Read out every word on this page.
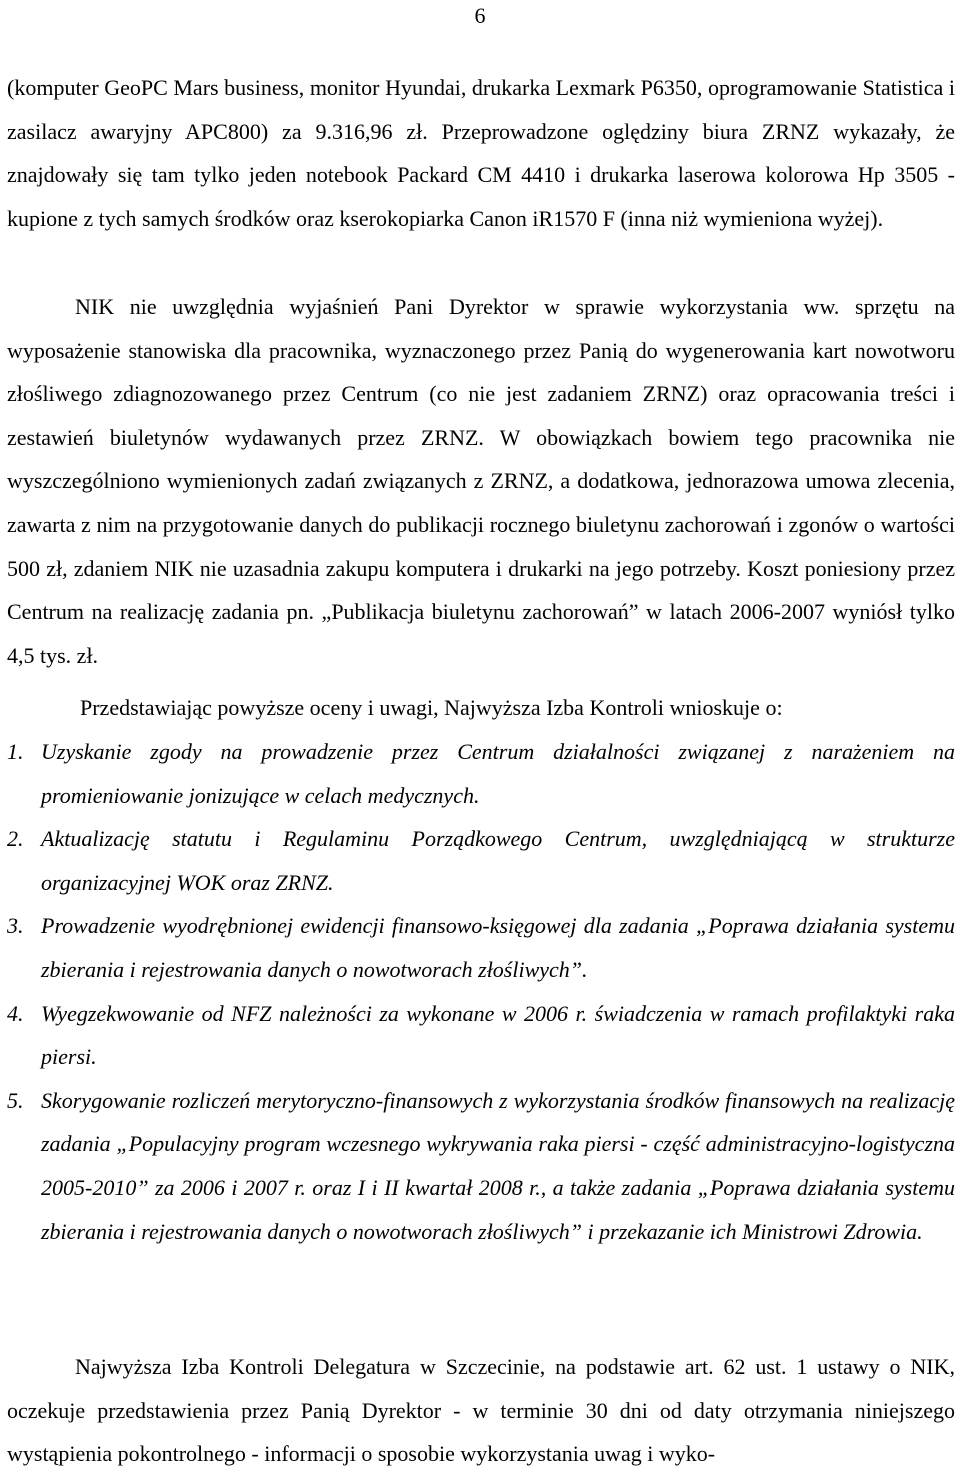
6

(komputer GeoPC Mars business, monitor Hyundai, drukarka Lexmark P6350, oprogramowanie Statistica i zasilacz awaryjny APC800) za 9.316,96 zł. Przeprowadzone oględziny biura ZRNZ wykazały, że znajdowały się tam tylko jeden notebook Packard CM 4410 i drukarka laserowa kolorowa Hp 3505 - kupione z tych samych środków oraz kserokopiarka Canon iR1570 F (inna niż wymieniona wyżej).

NIK nie uwzględnia wyjaśnień Pani Dyrektor w sprawie wykorzystania ww. sprzętu na wyposażenie stanowiska dla pracownika, wyznaczonego przez Panią do wygenerowania kart nowotworu złośliwego zdiagnozowanego przez Centrum (co nie jest zadaniem ZRNZ) oraz opracowania treści i zestawień biuletynów wydawanych przez ZRNZ. W obowiązkach bowiem tego pracownika nie wyszczególniono wymienionych zadań związanych z ZRNZ, a dodatkowa, jednorazowa umowa zlecenia, zawarta z nim na przygotowanie danych do publikacji rocznego biuletynu zachorowań i zgonów o wartości 500 zł, zdaniem NIK nie uzasadnia zakupu komputera i drukarki na jego potrzeby. Koszt poniesiony przez Centrum na realizację zadania pn. „Publikacja biuletynu zachorowań” w latach 2006-2007 wyniósł tylko 4,5 tys. zł.

Przedstawiając powyższe oceny i uwagi, Najwyższa Izba Kontroli wnioskuje o:
1. Uzyskanie zgody na prowadzenie przez Centrum działalności związanej z narażeniem na promieniowanie jonizujące w celach medycznych.
2. Aktualizację statutu i Regulaminu Porządkowego Centrum, uwzględniającą w strukturze organizacyjnej WOK oraz ZRNZ.
3. Prowadzenie wyodrębnionej ewidencji finansowo-księgowej dla zadania „Poprawa działania systemu zbierania i rejestrowania danych o nowotworach złośliwych”.
4. Wyegzekwowanie od NFZ należności za wykonane w 2006 r. świadczenia w ramach profilaktyki raka piersi.
5. Skorygowanie rozliczeń merytoryczno-finansowych z wykorzystania środków finansowych na realizację zadania „Populacyjny program wczesnego wykrywania raka piersi - część administracyjno-logistyczna 2005-2010” za 2006 i 2007 r. oraz I i II kwartał 2008 r., a także zadania „Poprawa działania systemu zbierania i rejestrowania danych o nowotworach złośliwych” i przekazanie ich Ministrowi Zdrowia.

Najwyższa Izba Kontroli Delegatura w Szczecinie, na podstawie art. 62 ust. 1 ustawy o NIK, oczekuje przedstawienia przez Panią Dyrektor - w terminie 30 dni od daty otrzymania niniejszego wystąpienia pokontrolnego - informacji o sposobie wykorzystania uwag i wyko-
